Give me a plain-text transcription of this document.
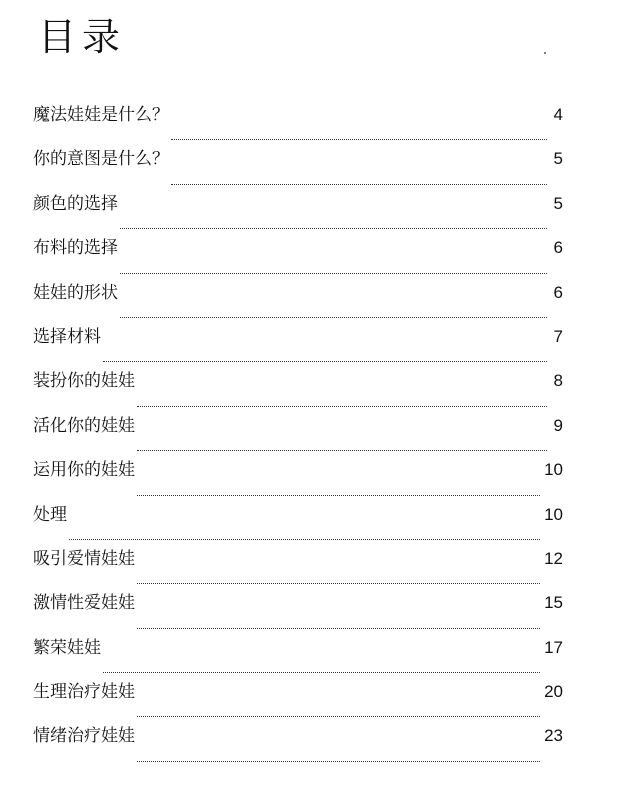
目录
魔法娃娃是什么？	4
你的意图是什么？	5
颜色的选择	5
布料的选择	6
娃娃的形状	6
选择材料	7
装扮你的娃娃	8
活化你的娃娃	9
运用你的娃娃	10
处理	10
吸引爱情娃娃	12
激情性爱娃娃	15
繁荣娃娃	17
生理治疗娃娃	20
情绪治疗娃娃	23
